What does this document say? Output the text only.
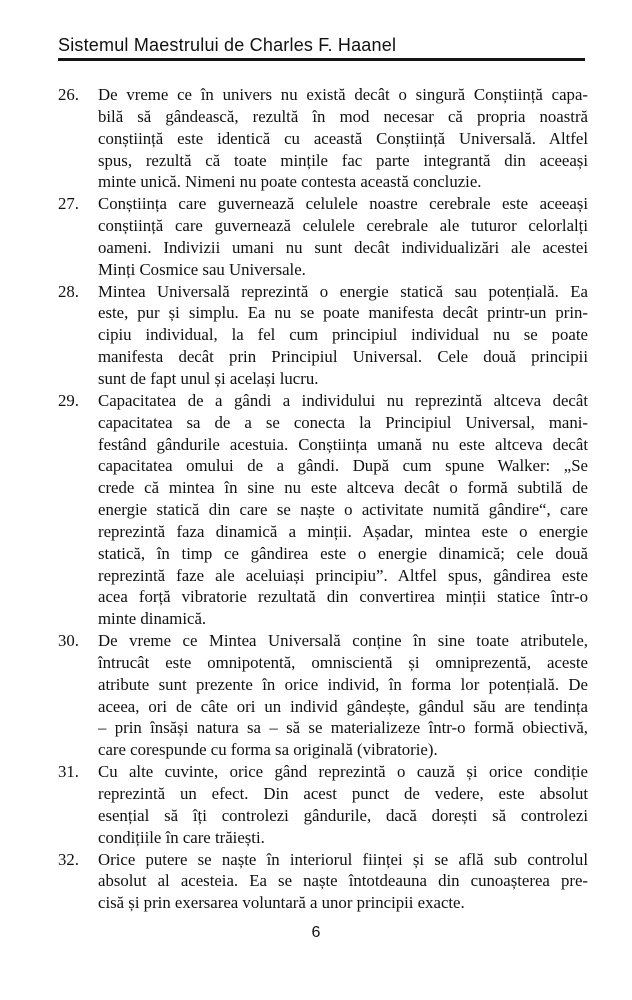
Sistemul Maestrului de Charles F. Haanel
26.	De vreme ce în univers nu există decât o singură Conștiință capa-
bilă să gândească, rezultă în mod necesar că propria noastră
conștiință este identică cu această Conștiință Universală. Altfel
spus, rezultă că toate mințile fac parte integrantă din aceeași
minte unică. Nimeni nu poate contesta această concluzie.
27.	Conștiința care guvernează celulele noastre cerebrale este aceeași
conștiință care guvernează celulele cerebrale ale tuturor celorlalți
oameni. Indivizii umani nu sunt decât individualizări ale acestei
Minți Cosmice sau Universale.
28.	Mintea Universală reprezintă o energie statică sau potențială. Ea
este, pur și simplu. Ea nu se poate manifesta decât printr-un prin-
cipiu individual, la fel cum principiul individual nu se poate
manifesta decât prin Principiul Universal. Cele două principii
sunt de fapt unul și același lucru.
29.	Capacitatea de a gândi a individului nu reprezintă altceva decât
capacitatea sa de a se conecta la Principiul Universal, mani-
festând gândurile acestuia. Conștiința umană nu este altceva decât
capacitatea omului de a gândi. După cum spune Walker: „Se
crede că mintea în sine nu este altceva decât o formă subtilă de
energie statică din care se naște o activitate numită gândire“, care
reprezintă faza dinamică a minții. Așadar, mintea este o energie
statică, în timp ce gândirea este o energie dinamică; cele două
reprezintă faze ale aceluiași principiu”. Altfel spus, gândirea este
acea forță vibratorie rezultată din convertirea minții statice într-o
minte dinamică.
30.	De vreme ce Mintea Universală conține în sine toate atributele,
întrucât este omnipotentă, omniscientă și omniprezentă, aceste
atribute sunt prezente în orice individ, în forma lor potențială. De
aceea, ori de câte ori un individ gândește, gândul său are tendința
– prin însăși natura sa – să se materializeze într-o formă obiectivă,
care corespunde cu forma sa originală (vibratorie).
31.	Cu alte cuvinte, orice gând reprezintă o cauză și orice condiție
reprezintă un efect. Din acest punct de vedere, este absolut
esențial să îți controlezi gândurile, dacă dorești să controlezi
condițiile în care trăiești.
32.	Orice putere se naște în interiorul ființei și se află sub controlul
absolut al acesteia. Ea se naște întotdeauna din cunoașterea pre-
cisă și prin exersarea voluntară a unor principii exacte.
6
